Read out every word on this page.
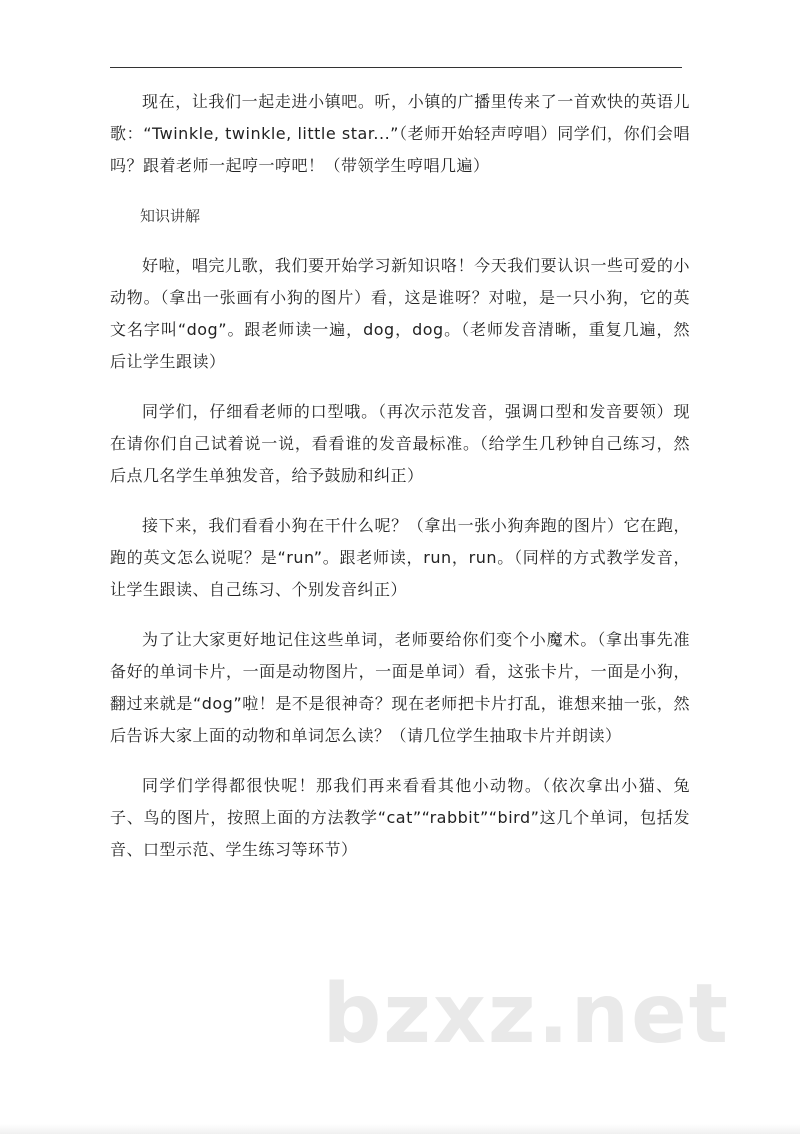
现在，让我们一起走进小镇吧。听，小镇的广播里传来了一首欢快的英语儿歌：“Twinkle, twinkle, little star...”（老师开始轻声哼唱）同学们，你们会唱吗？跟着老师一起哼一哼吧！（带领学生哼唱几遍）

知识讲解

好啦，唱完儿歌，我们要开始学习新知识咯！今天我们要认识一些可爱的小动物。（拿出一张画有小狗的图片）看，这是谁呀？对啦，是一只小狗，它的英文名字叫“dog”。跟老师读一遍，dog，dog。（老师发音清晰，重复几遍，然后让学生跟读）

同学们，仔细看老师的口型哦。（再次示范发音，强调口型和发音要领）现在请你们自己试着说一说，看看谁的发音最标准。（给学生几秒钟自己练习，然后点几名学生单独发音，给予鼓励和纠正）

接下来，我们看看小狗在干什么呢？（拿出一张小狗奔跑的图片）它在跑，跑的英文怎么说呢？是“run”。跟老师读，run，run。（同样的方式教学发音，让学生跟读、自己练习、个别发音纠正）

为了让大家更好地记住这些单词，老师要给你们变个小魔术。（拿出事先准备好的单词卡片，一面是动物图片，一面是单词）看，这张卡片，一面是小狗，翻过来就是“dog”啦！是不是很神奇？现在老师把卡片打乱，谁想来抽一张，然后告诉大家上面的动物和单词怎么读？（请几位学生抽取卡片并朗读）

同学们学得都很快呢！那我们再来看看其他小动物。（依次拿出小猫、兔子、鸟的图片，按照上面的方法教学“cat”“rabbit”“bird”这几个单词，包括发音、口型示范、学生练习等环节）

bzxz.net
